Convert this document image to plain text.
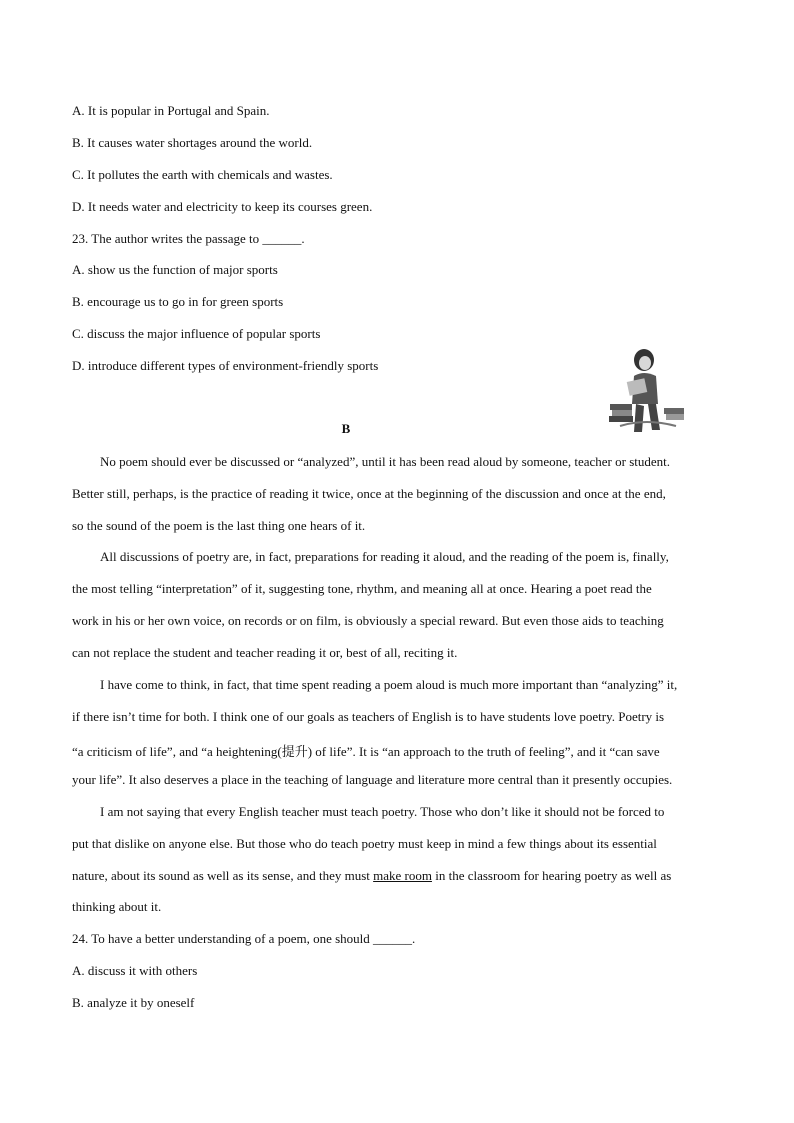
A. It is popular in Portugal and Spain.
B. It causes water shortages around the world.
C. It pollutes the earth with chemicals and wastes.
D. It needs water and electricity to keep its courses green.
23. The author writes the passage to ______.
A. show us the function of major sports
B. encourage us to go in for green sports
C. discuss the major influence of popular sports
D. introduce different types of environment-friendly sports
B
No poem should ever be discussed or “analyzed”, until it has been read aloud by someone, teacher or student.
Better still, perhaps, is the practice of reading it twice, once at the beginning of the discussion and once at the end,
so the sound of the poem is the last thing one hears of it.
All discussions of poetry are, in fact, preparations for reading it aloud, and the reading of the poem is, finally,
the most telling “interpretation” of it, suggesting tone, rhythm, and meaning all at once. Hearing a poet read the
work in his or her own voice, on records or on film, is obviously a special reward. But even those aids to teaching
can not replace the student and teacher reading it or, best of all, reciting it.
I have come to think, in fact, that time spent reading a poem aloud is much more important than “analyzing” it,
if there isn’t time for both. I think one of our goals as teachers of English is to have students love poetry. Poetry is
“a criticism of life”, and “a heightening(提升) of life”. It is “an approach to the truth of feeling”, and it “can save
your life”. It also deserves a place in the teaching of language and literature more central than it presently occupies.
I am not saying that every English teacher must teach poetry. Those who don’t like it should not be forced to
put that dislike on anyone else. But those who do teach poetry must keep in mind a few things about its essential
nature, about its sound as well as its sense, and they must make room in the classroom for hearing poetry as well as
thinking about it.
24. To have a better understanding of a poem, one should ______.
A. discuss it with others
B. analyze it by oneself
